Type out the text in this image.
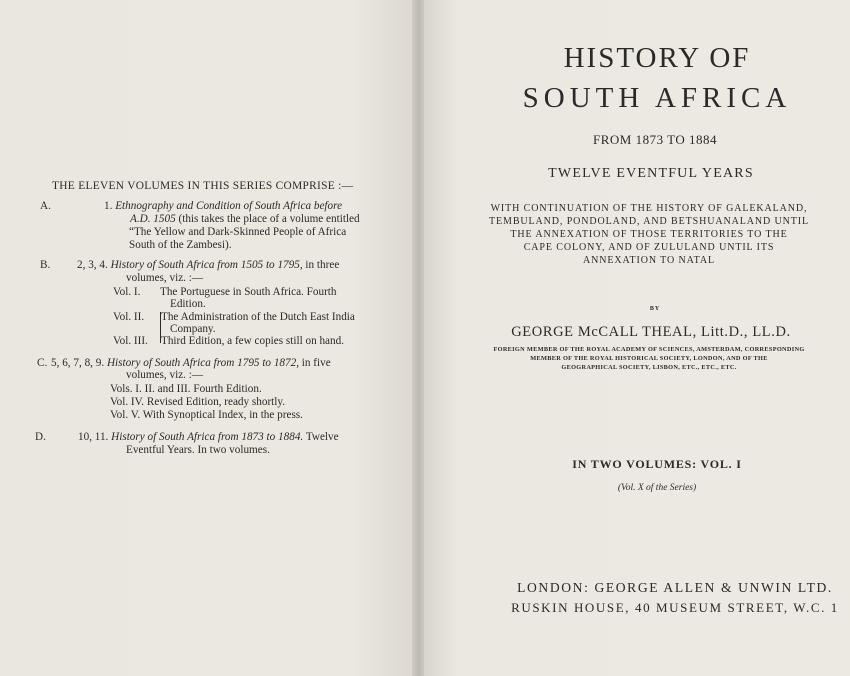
THE ELEVEN VOLUMES IN THIS SERIES COMPRISE :—
A.	1. Ethnography and Condition of South Africa before
A.D. 1505 (this takes the place of a volume entitled
“The Yellow and Dark-Skinned People of Africa
South of the Zambesi).
B. 2, 3, 4. History of South Africa from 1505 to 1795, in three
volumes, viz. :—
Vol. I. The Portuguese in South Africa. Fourth
Edition.
Vol. II. The Administration of the Dutch East India
Company.
Vol. III. Third Edition, a few copies still on hand.
C. 5, 6, 7, 8, 9. History of South Africa from 1795 to 1872, in five
volumes, viz. :—
Vols. I. II. and III. Fourth Edition.
Vol. IV. Revised Edition, ready shortly.
Vol. V. With Synoptical Index, in the press.
D.	10, 11. History of South Africa from 1873 to 1884. Twelve
Eventful Years. In two volumes.
HISTORY OF
SOUTH AFRICA
FROM 1873 TO 1884
TWELVE EVENTFUL YEARS
WITH CONTINUATION OF THE HISTORY OF GALEKALAND,
TEMBULAND, PONDOLAND, AND BETSHUANALAND UNTIL
THE ANNEXATION OF THOSE TERRITORIES TO THE
CAPE COLONY, AND OF ZULULAND UNTIL ITS
ANNEXATION TO NATAL
BY
GEORGE McCALL THEAL, Litt.D., LL.D.
FOREIGN MEMBER OF THE ROYAL ACADEMY OF SCIENCES, AMSTERDAM, CORRESPONDING
MEMBER OF THE ROYAL HISTORICAL SOCIETY, LONDON, AND OF THE
GEOGRAPHICAL SOCIETY, LISBON, ETC., ETC., ETC.
IN TWO VOLUMES: VOL. I
(Vol. X of the Series)
LONDON: GEORGE ALLEN & UNWIN LTD.
RUSKIN HOUSE, 40 MUSEUM STREET, W.C. 1
